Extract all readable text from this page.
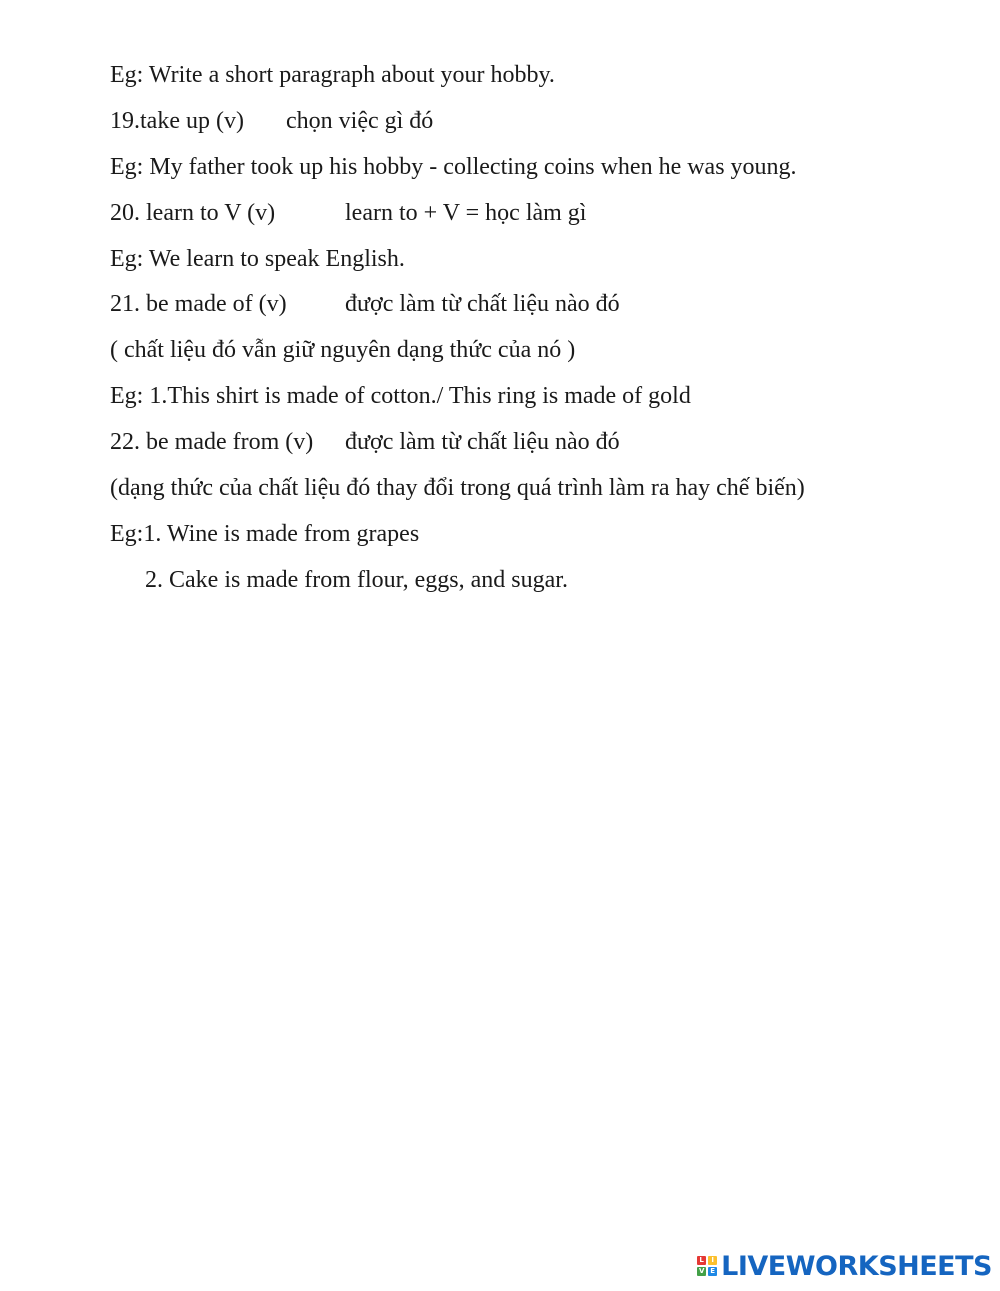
Eg: Write a short paragraph about your hobby.

19.take up (v)	chọn việc gì đó

Eg: My father took up his hobby - collecting coins when he was young.

20. learn to V (v)	learn to + V = học làm gì

Eg: We learn to speak English.

21. be made of (v)	được làm từ chất liệu nào đó

( chất liệu đó vẫn giữ nguyên dạng thức của nó )

Eg: 1.This shirt is made of cotton./ This ring is made of gold

22. be made from (v)	được làm từ chất liệu nào đó

(dạng thức của chất liệu đó thay đổi trong quá trình làm ra hay chế biến)

Eg:1. Wine is made from grapes

2. Cake is made from flour, eggs, and sugar.

L	I
V E LIVEWORKSHEETS
